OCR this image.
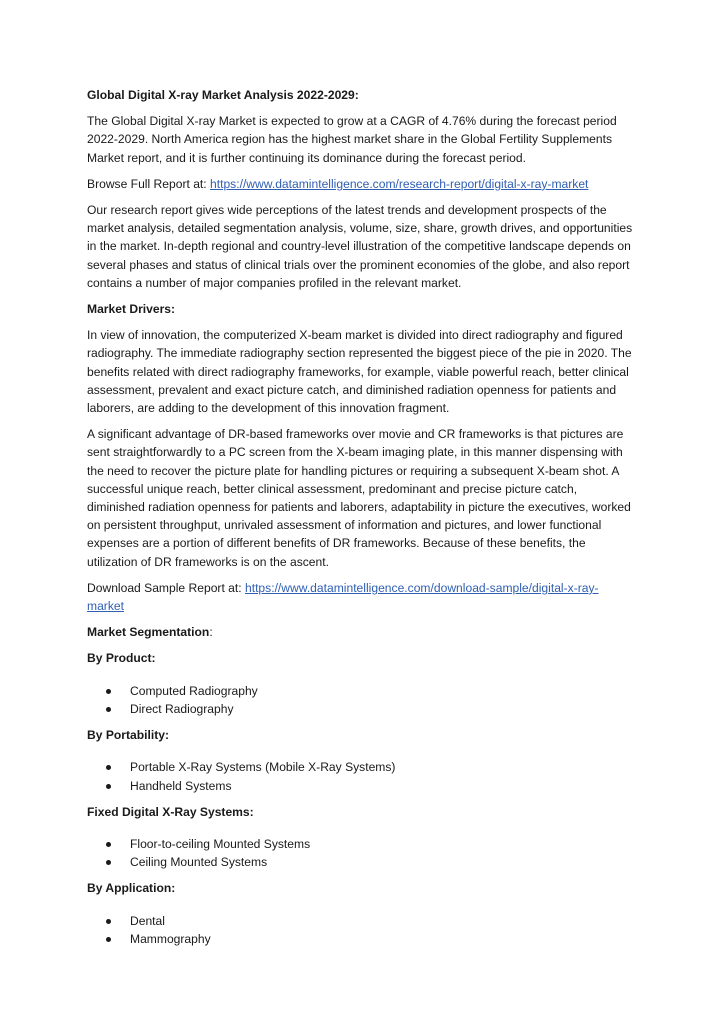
Global Digital X-ray Market Analysis 2022-2029:

The Global Digital X-ray Market is expected to grow at a CAGR of 4.76% during the forecast period 2022-2029. North America region has the highest market share in the Global Fertility Supplements Market report, and it is further continuing its dominance during the forecast period.

Browse Full Report at: https://www.datamintelligence.com/research-report/digital-x-ray-market

Our research report gives wide perceptions of the latest trends and development prospects of the market analysis, detailed segmentation analysis, volume, size, share, growth drives, and opportunities in the market. In-depth regional and country-level illustration of the competitive landscape depends on several phases and status of clinical trials over the prominent economies of the globe, and also report contains a number of major companies profiled in the relevant market.

Market Drivers:

In view of innovation, the computerized X-beam market is divided into direct radiography and figured radiography. The immediate radiography section represented the biggest piece of the pie in 2020. The benefits related with direct radiography frameworks, for example, viable powerful reach, better clinical assessment, prevalent and exact picture catch, and diminished radiation openness for patients and laborers, are adding to the development of this innovation fragment.

A significant advantage of DR-based frameworks over movie and CR frameworks is that pictures are sent straightforwardly to a PC screen from the X-beam imaging plate, in this manner dispensing with the need to recover the picture plate for handling pictures or requiring a subsequent X-beam shot. A successful unique reach, better clinical assessment, predominant and precise picture catch, diminished radiation openness for patients and laborers, adaptability in picture the executives, worked on persistent throughput, unrivaled assessment of information and pictures, and lower functional expenses are a portion of different benefits of DR frameworks. Because of these benefits, the utilization of DR frameworks is on the ascent.

Download Sample Report at: https://www.datamintelligence.com/download-sample/digital-x-ray-market

Market Segmentation:

By Product:

Computed Radiography
Direct Radiography

By Portability:

Portable X-Ray Systems (Mobile X-Ray Systems)
Handheld Systems

Fixed Digital X-Ray Systems:

Floor-to-ceiling Mounted Systems
Ceiling Mounted Systems

By Application:

Dental
Mammography
